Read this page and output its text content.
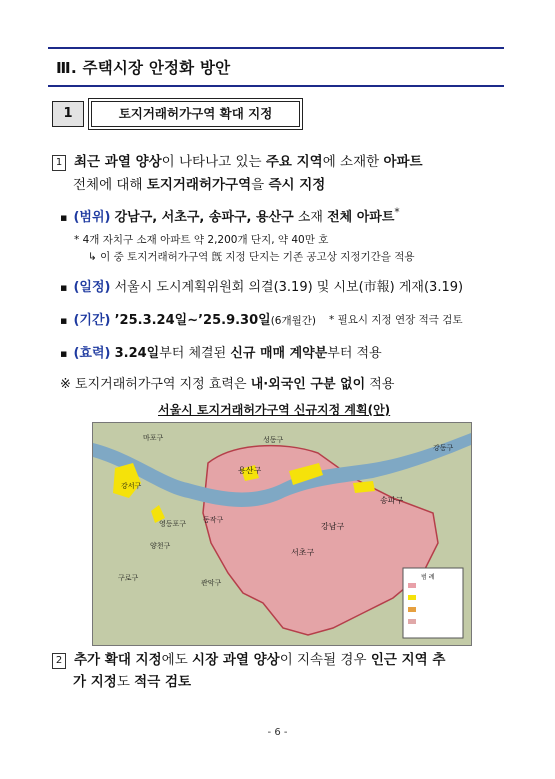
Ⅲ. 주택시장 안정화 방안
1	토지거래허가구역 확대 지정
1 최근 과열 양상이 나타나고 있는 주요 지역에 소재한 아파트
전체에 대해 토지거래허가구역을 즉시 지정
▪ (범위) 강남구, 서초구, 송파구, 용산구 소재 전체 아파트*
* 4개 자치구 소재 아파트 약 2,200개 단지, 약 40만 호
↳ 이 중 토지거래허가구역 旣 지정 단지는 기존 공고상 지정기간을 적용
▪ (일정) 서울시 도시계획위원회 의결(3.19) 및 시보(市報) 게재(3.19)
▪ (기간) ’25.3.24일∼’25.9.30일(6개월간) * 필요시 지정 연장 적극 검토
▪ (효력) 3.24일부터 체결된 신규 매매 계약분부터 적용
※ 토지거래허가구역 지정 효력은 내·외국인 구분 없이 적용
서울시 토지거래허가구역 신규지정 계획(안)
강서구
양천구
구로구
영등포구 동작구
관악구
용산구
서초구
강남구
송파구
강동구
마포구	성동구
범 례
2 추가 확대 지정에도 시장 과열 양상이 지속될 경우 인근 지역 추
가 지정도 적극 검토
- 6 -
